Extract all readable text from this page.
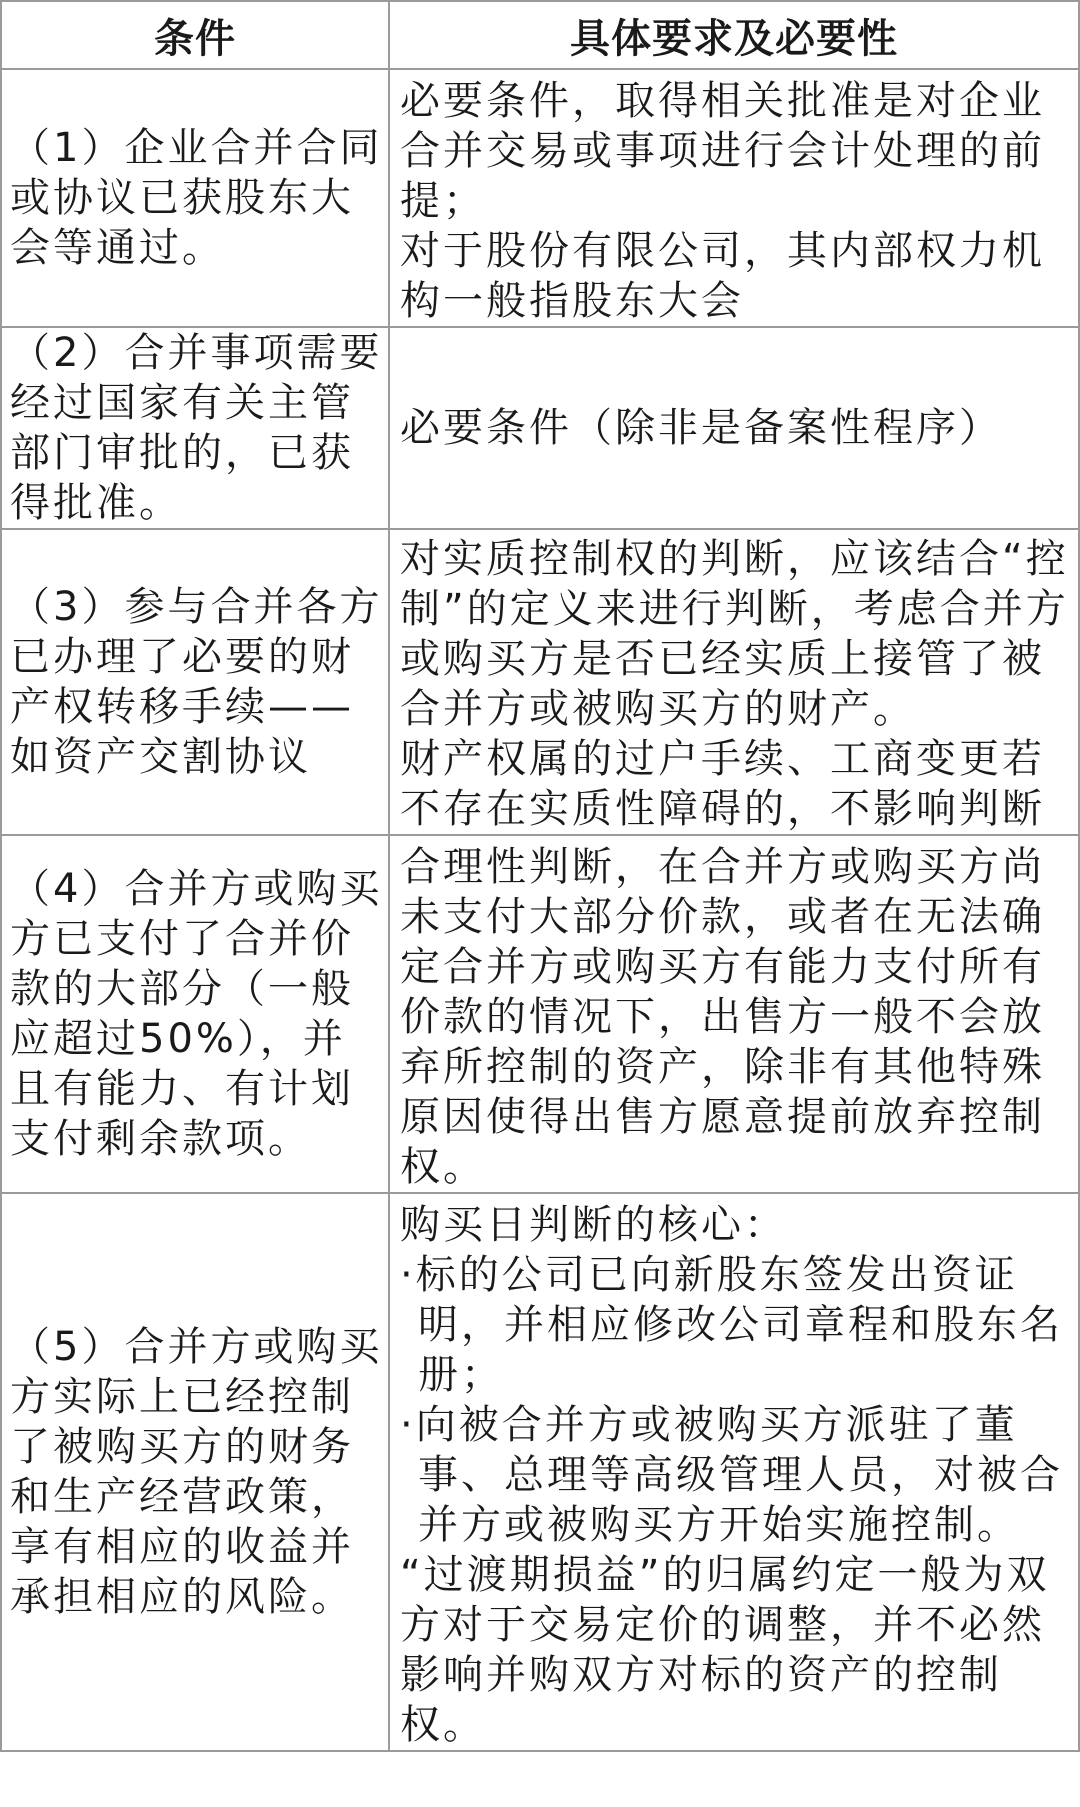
条件	具体要求及必要性
（1）企业合并合同或协议已获股东大会等通过。	必要条件，取得相关批准是对企业合并交易或事项进行会计处理的前提；
对于股份有限公司，其内部权力机构一般指股东大会

（2）合并事项需要经过国家有关主管部门审批的，已获得批准。	必要条件（除非是备案性程序）

（3）参与合并各方已办理了必要的财产权转移手续——如资产交割协议	对实质控制权的判断，应该结合“控制”的定义来进行判断，考虑合并方或购买方是否已经实质上接管了被合并方或被购买方的财产。
财产权属的过户手续、工商变更若不存在实质性障碍的，不影响判断

（4）合并方或购买方已支付了合并价款的大部分（一般应超过50%），并且有能力、有计划支付剩余款项。	合理性判断，在合并方或购买方尚未支付大部分价款，或者在无法确定合并方或购买方有能力支付所有价款的情况下，出售方一般不会放弃所控制的资产，除非有其他特殊原因使得出售方愿意提前放弃控制权。

（5）合并方或购买方实际上已经控制了被购买方的财务和生产经营政策，享有相应的收益并承担相应的风险。	购买日判断的核心：
·标的公司已向新股东签发出资证明，并相应修改公司章程和股东名册；
·向被合并方或被购买方派驻了董事、总理等高级管理人员，对被合并方或被购买方开始实施控制。
“过渡期损益”的归属约定一般为双方对于交易定价的调整，并不必然影响并购双方对标的资产的控制权。
